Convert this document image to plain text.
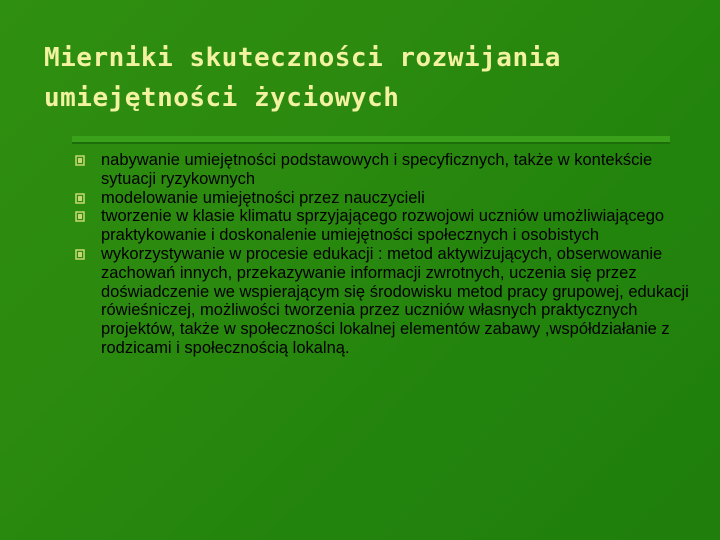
Mierniki skuteczności rozwijania
umiejętności życiowych
nabywanie umiejętności podstawowych i specyficznych, także w kontekście sytuacji ryzykownych
modelowanie umiejętności przez nauczycieli
tworzenie w klasie klimatu sprzyjającego rozwojowi uczniów umożliwiającego praktykowanie i doskonalenie umiejętności społecznych i osobistych
wykorzystywanie w procesie edukacji : metod aktywizujących, obserwowanie zachowań innych, przekazywanie informacji zwrotnych, uczenia się przez doświadczenie we wspierającym się środowisku metod pracy grupowej, edukacji rówieśniczej, możliwości tworzenia przez uczniów własnych praktycznych projektów, także w społeczności lokalnej elementów zabawy ,współdziałanie z rodzicami i społecznością lokalną.
